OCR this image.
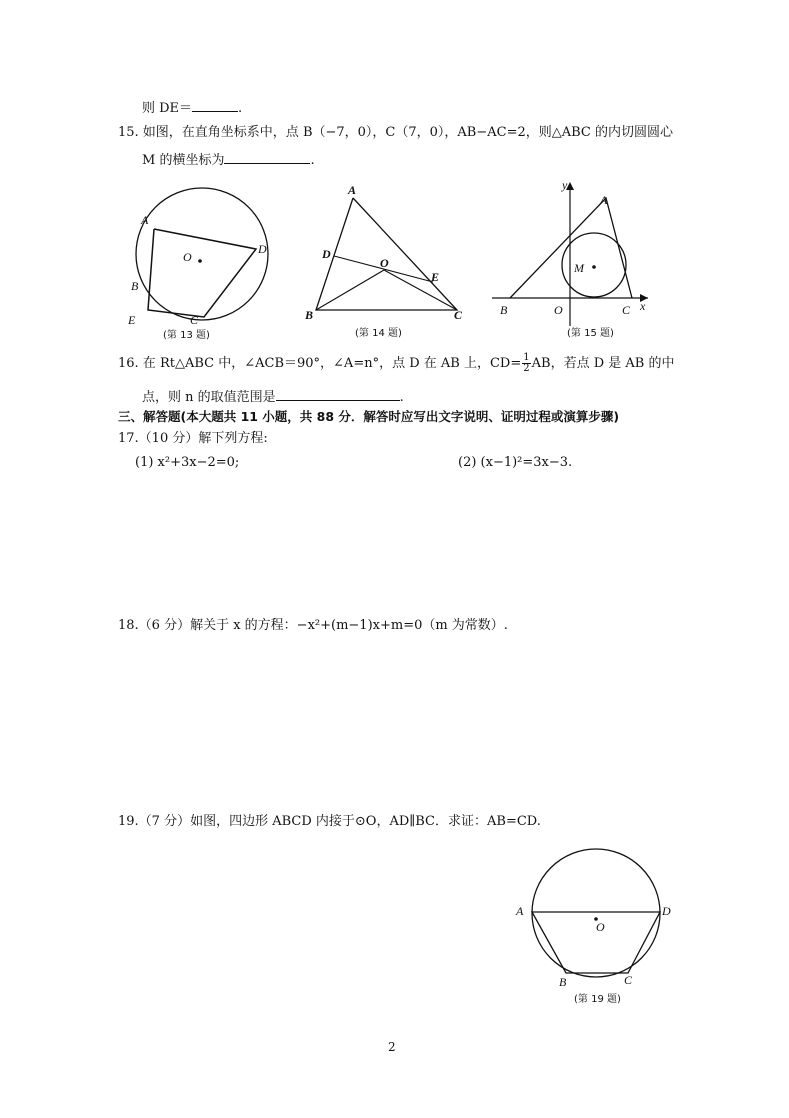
则 DE＝	.
15. 如图，在直角坐标系中，点 B（−7，0），C（7，0），AB−AC=2，则△ABC 的内切圆圆心
M 的横坐标为	.
A
O
D
B
E	C
(第 13 题)
A
D
O
E
B	C
(第 14 题)
y
A
M
B	O	C x
(第 15 题)
16. 在 Rt△ABC 中，∠ACB＝90°，∠A=n°，点 D 在 AB 上，$CD= \frac{1}{2}$ AB，若点 D 是 AB 的中
点，则 n 的取值范围是	.
三、解答题(本大题共 11 小题，共 88 分．解答时应写出文字说明、证明过程或演算步骤)
17.（10 分）解下列方程:
(1) x²+3x−2=0;	(2) (x−1)²=3x−3.
18.（6 分）解关于 x 的方程：−x²+(m−1)x+m=0（m 为常数）.
19.（7 分）如图，四边形 ABCD 内接于⊙O，AD∥BC．求证：AB=CD.
A	D
O
B	C
(第 19 题)
2
